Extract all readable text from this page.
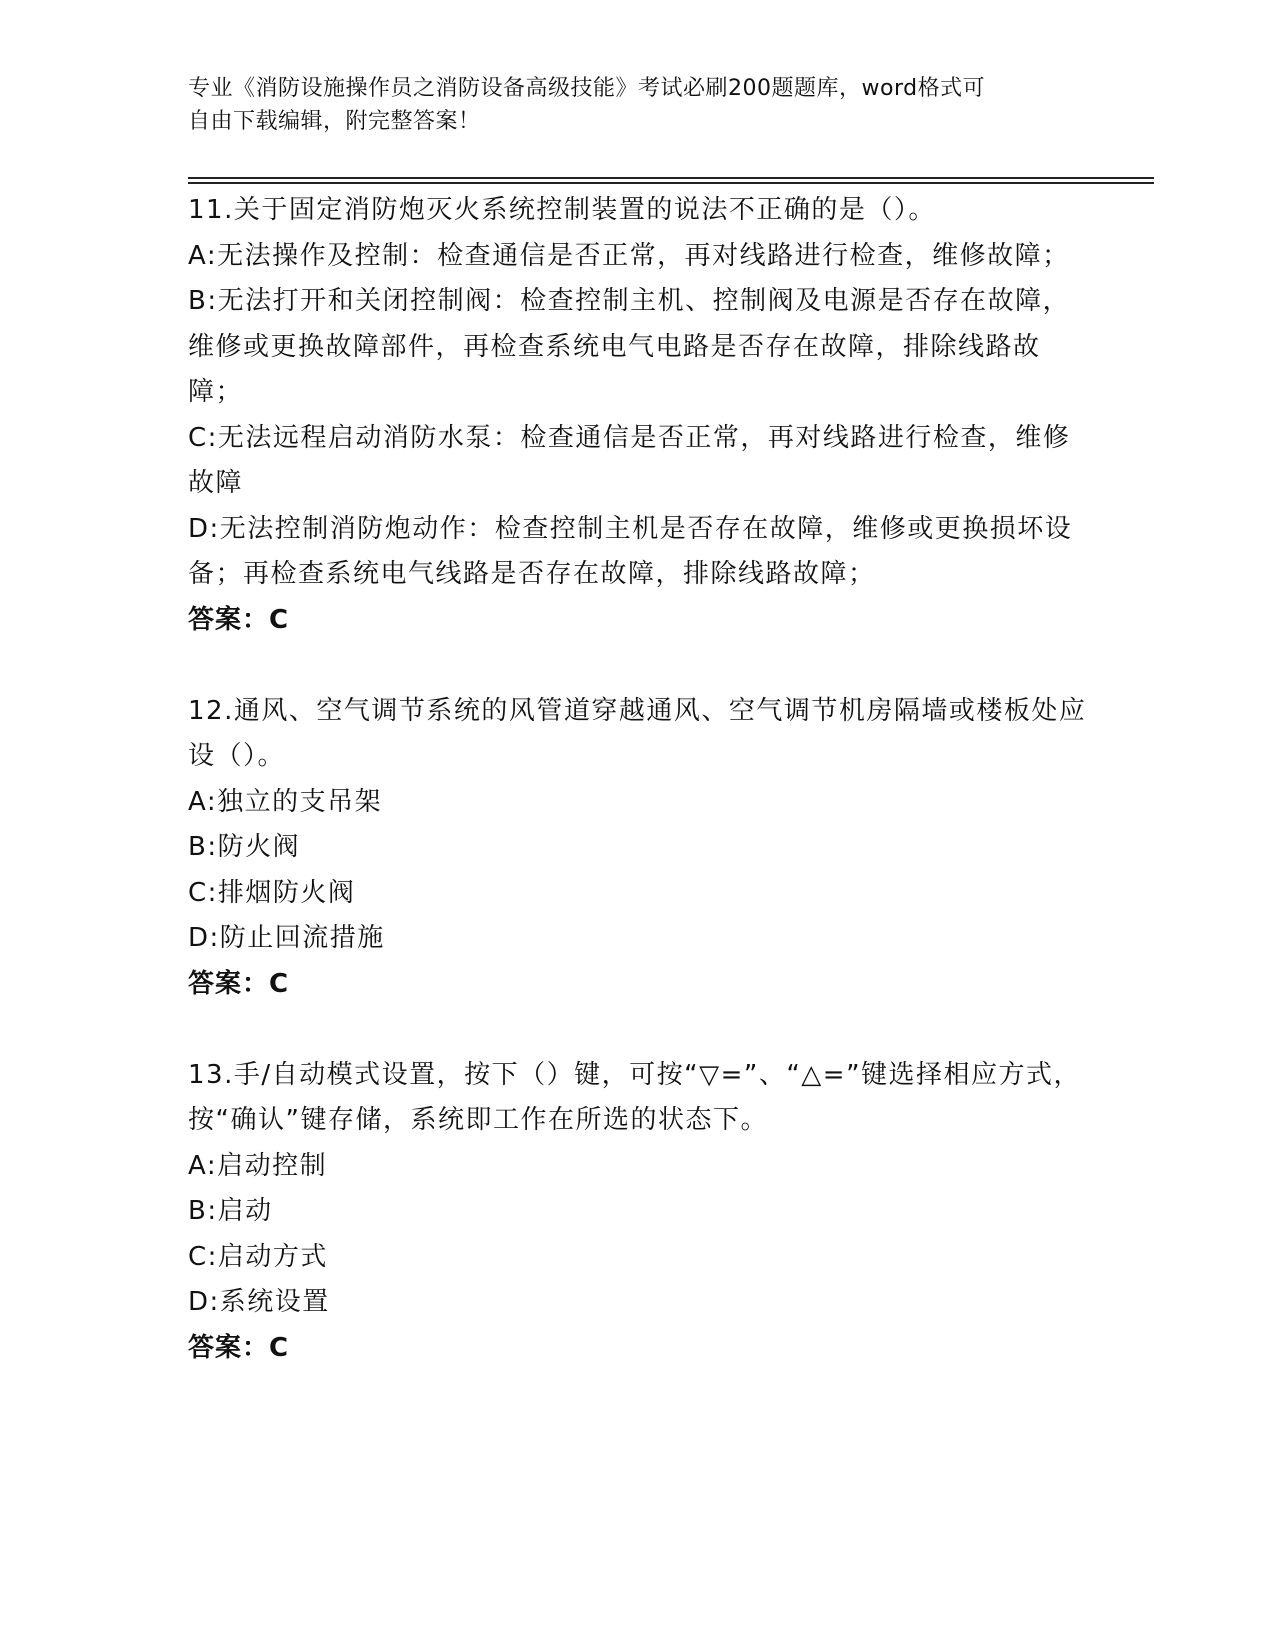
专业《消防设施操作员之消防设备高级技能》考试必刷200题题库，word格式可
自由下载编辑，附完整答案！
11.关于固定消防炮灭火系统控制装置的说法不正确的是（）。
A:无法操作及控制：检查通信是否正常，再对线路进行检查，维修故障；
B:无法打开和关闭控制阀：检查控制主机、控制阀及电源是否存在故障，维修或更换故障部件，再检查系统电气电路是否存在故障，排除线路故障；
C:无法远程启动消防水泵：检查通信是否正常，再对线路进行检查，维修故障
D:无法控制消防炮动作：检查控制主机是否存在故障，维修或更换损坏设备；再检查系统电气线路是否存在故障，排除线路故障；
答案：C
12.通风、空气调节系统的风管道穿越通风、空气调节机房隔墙或楼板处应设（）。
A:独立的支吊架
B:防火阀
C:排烟防火阀
D:防止回流措施
答案：C
13.手/自动模式设置，按下（）键，可按“▽=”、“△=”键选择相应方式，按“确认”键存储，系统即工作在所选的状态下。
A:启动控制
B:启动
C:启动方式
D:系统设置
答案：C
